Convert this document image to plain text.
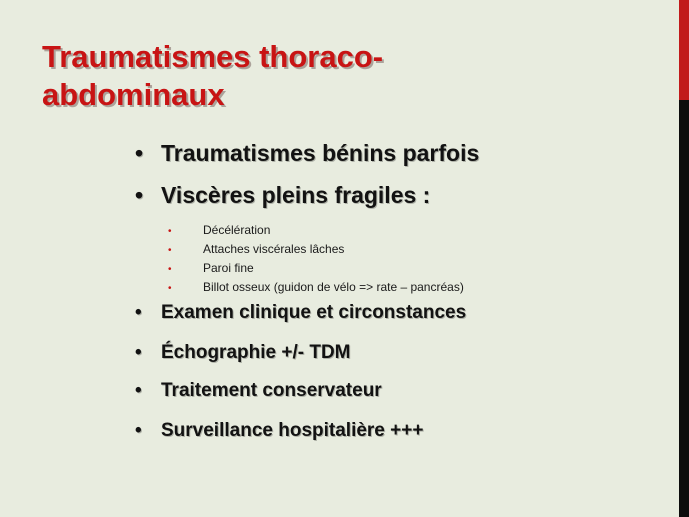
Traumatismes thoraco-
abdominaux
• Traumatismes bénins parfois
• Viscères pleins fragiles :
• Examen clinique et circonstances
• Échographie +/- TDM
• Traitement conservateur
• Surveillance hospitalière +++
•	Décélération
•	Attaches viscérales lâches
•	Paroi fine
•	Billot osseux (guidon de vélo => rate – pancréas)
